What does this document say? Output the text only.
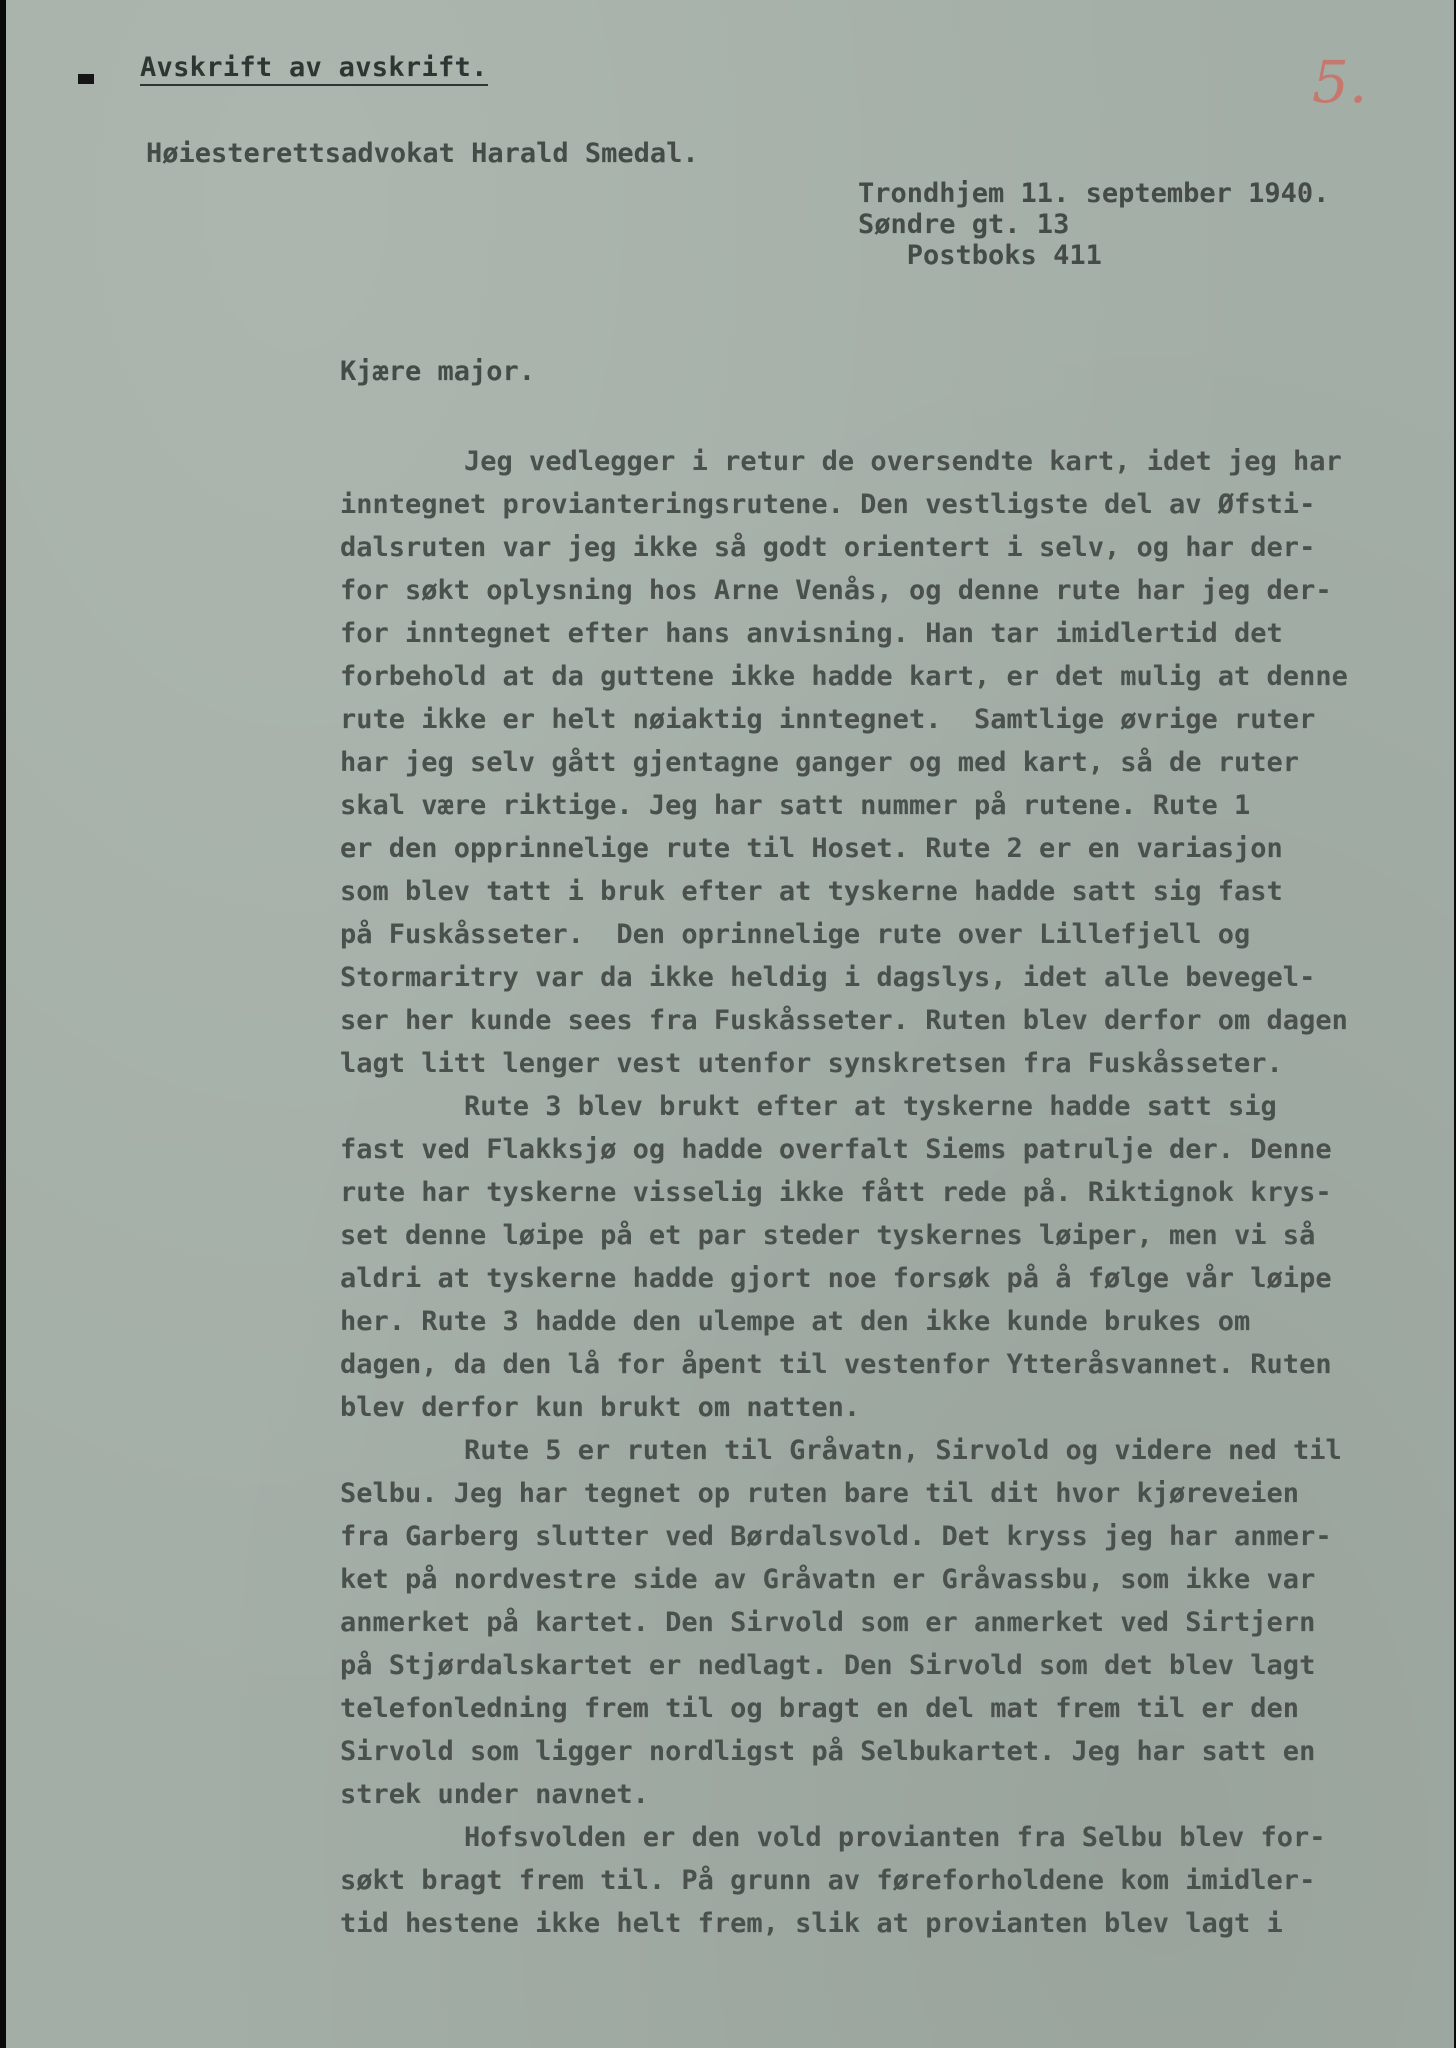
Avskrift av avskrift.	5.
Høiesterettsadvokat Harald Smedal.
Trondhjem 11. september 1940.
Søndre gt. 13
Postboks 411
Kjære major.

Jeg vedlegger i retur de oversendte kart, idet jeg har
inntegnet provianteringsrutene. Den vestligste del av Øfsti-
dalsruten var jeg ikke så godt orientert i selv, og har der-
for søkt oplysning hos Arne Venås, og denne rute har jeg der-
for inntegnet efter hans anvisning. Han tar imidlertid det
forbehold at da guttene ikke hadde kart, er det mulig at denne
rute ikke er helt nøiaktig inntegnet.  Samtlige øvrige ruter
har jeg selv gått gjentagne ganger og med kart, så de ruter
skal være riktige. Jeg har satt nummer på rutene. Rute 1
er den opprinnelige rute til Hoset. Rute 2 er en variasjon
som blev tatt i bruk efter at tyskerne hadde satt sig fast
på Fuskåsseter.  Den oprinnelige rute over Lillefjell og
Stormaritry var da ikke heldig i dagslys, idet alle bevegel-
ser her kunde sees fra Fuskåsseter. Ruten blev derfor om dagen
lagt litt lenger vest utenfor synskretsen fra Fuskåsseter.

Rute 3 blev brukt efter at tyskerne hadde satt sig
fast ved Flakksjø og hadde overfalt Siems patrulje der. Denne
rute har tyskerne visselig ikke fått rede på. Riktignok krys-
set denne løipe på et par steder tyskernes løiper, men vi så
aldri at tyskerne hadde gjort noe forsøk på å følge vår løipe
her. Rute 3 hadde den ulempe at den ikke kunde brukes om
dagen, da den lå for åpent til vestenfor Ytteråsvannet. Ruten
blev derfor kun brukt om natten.

Rute 5 er ruten til Gråvatn, Sirvold og videre ned til
Selbu. Jeg har tegnet op ruten bare til dit hvor kjøreveien
fra Garberg slutter ved Børdalsvold. Det kryss jeg har anmer-
ket på nordvestre side av Gråvatn er Gråvassbu, som ikke var
anmerket på kartet. Den Sirvold som er anmerket ved Sirtjern
på Stjørdalskartet er nedlagt. Den Sirvold som det blev lagt
telefonledning frem til og bragt en del mat frem til er den
Sirvold som ligger nordligst på Selbukartet. Jeg har satt en
strek under navnet.

Hofsvolden er den vold provianten fra Selbu blev for-
søkt bragt frem til. På grunn av føreforholdene kom imidler-
tid hestene ikke helt frem, slik at provianten blev lagt i
